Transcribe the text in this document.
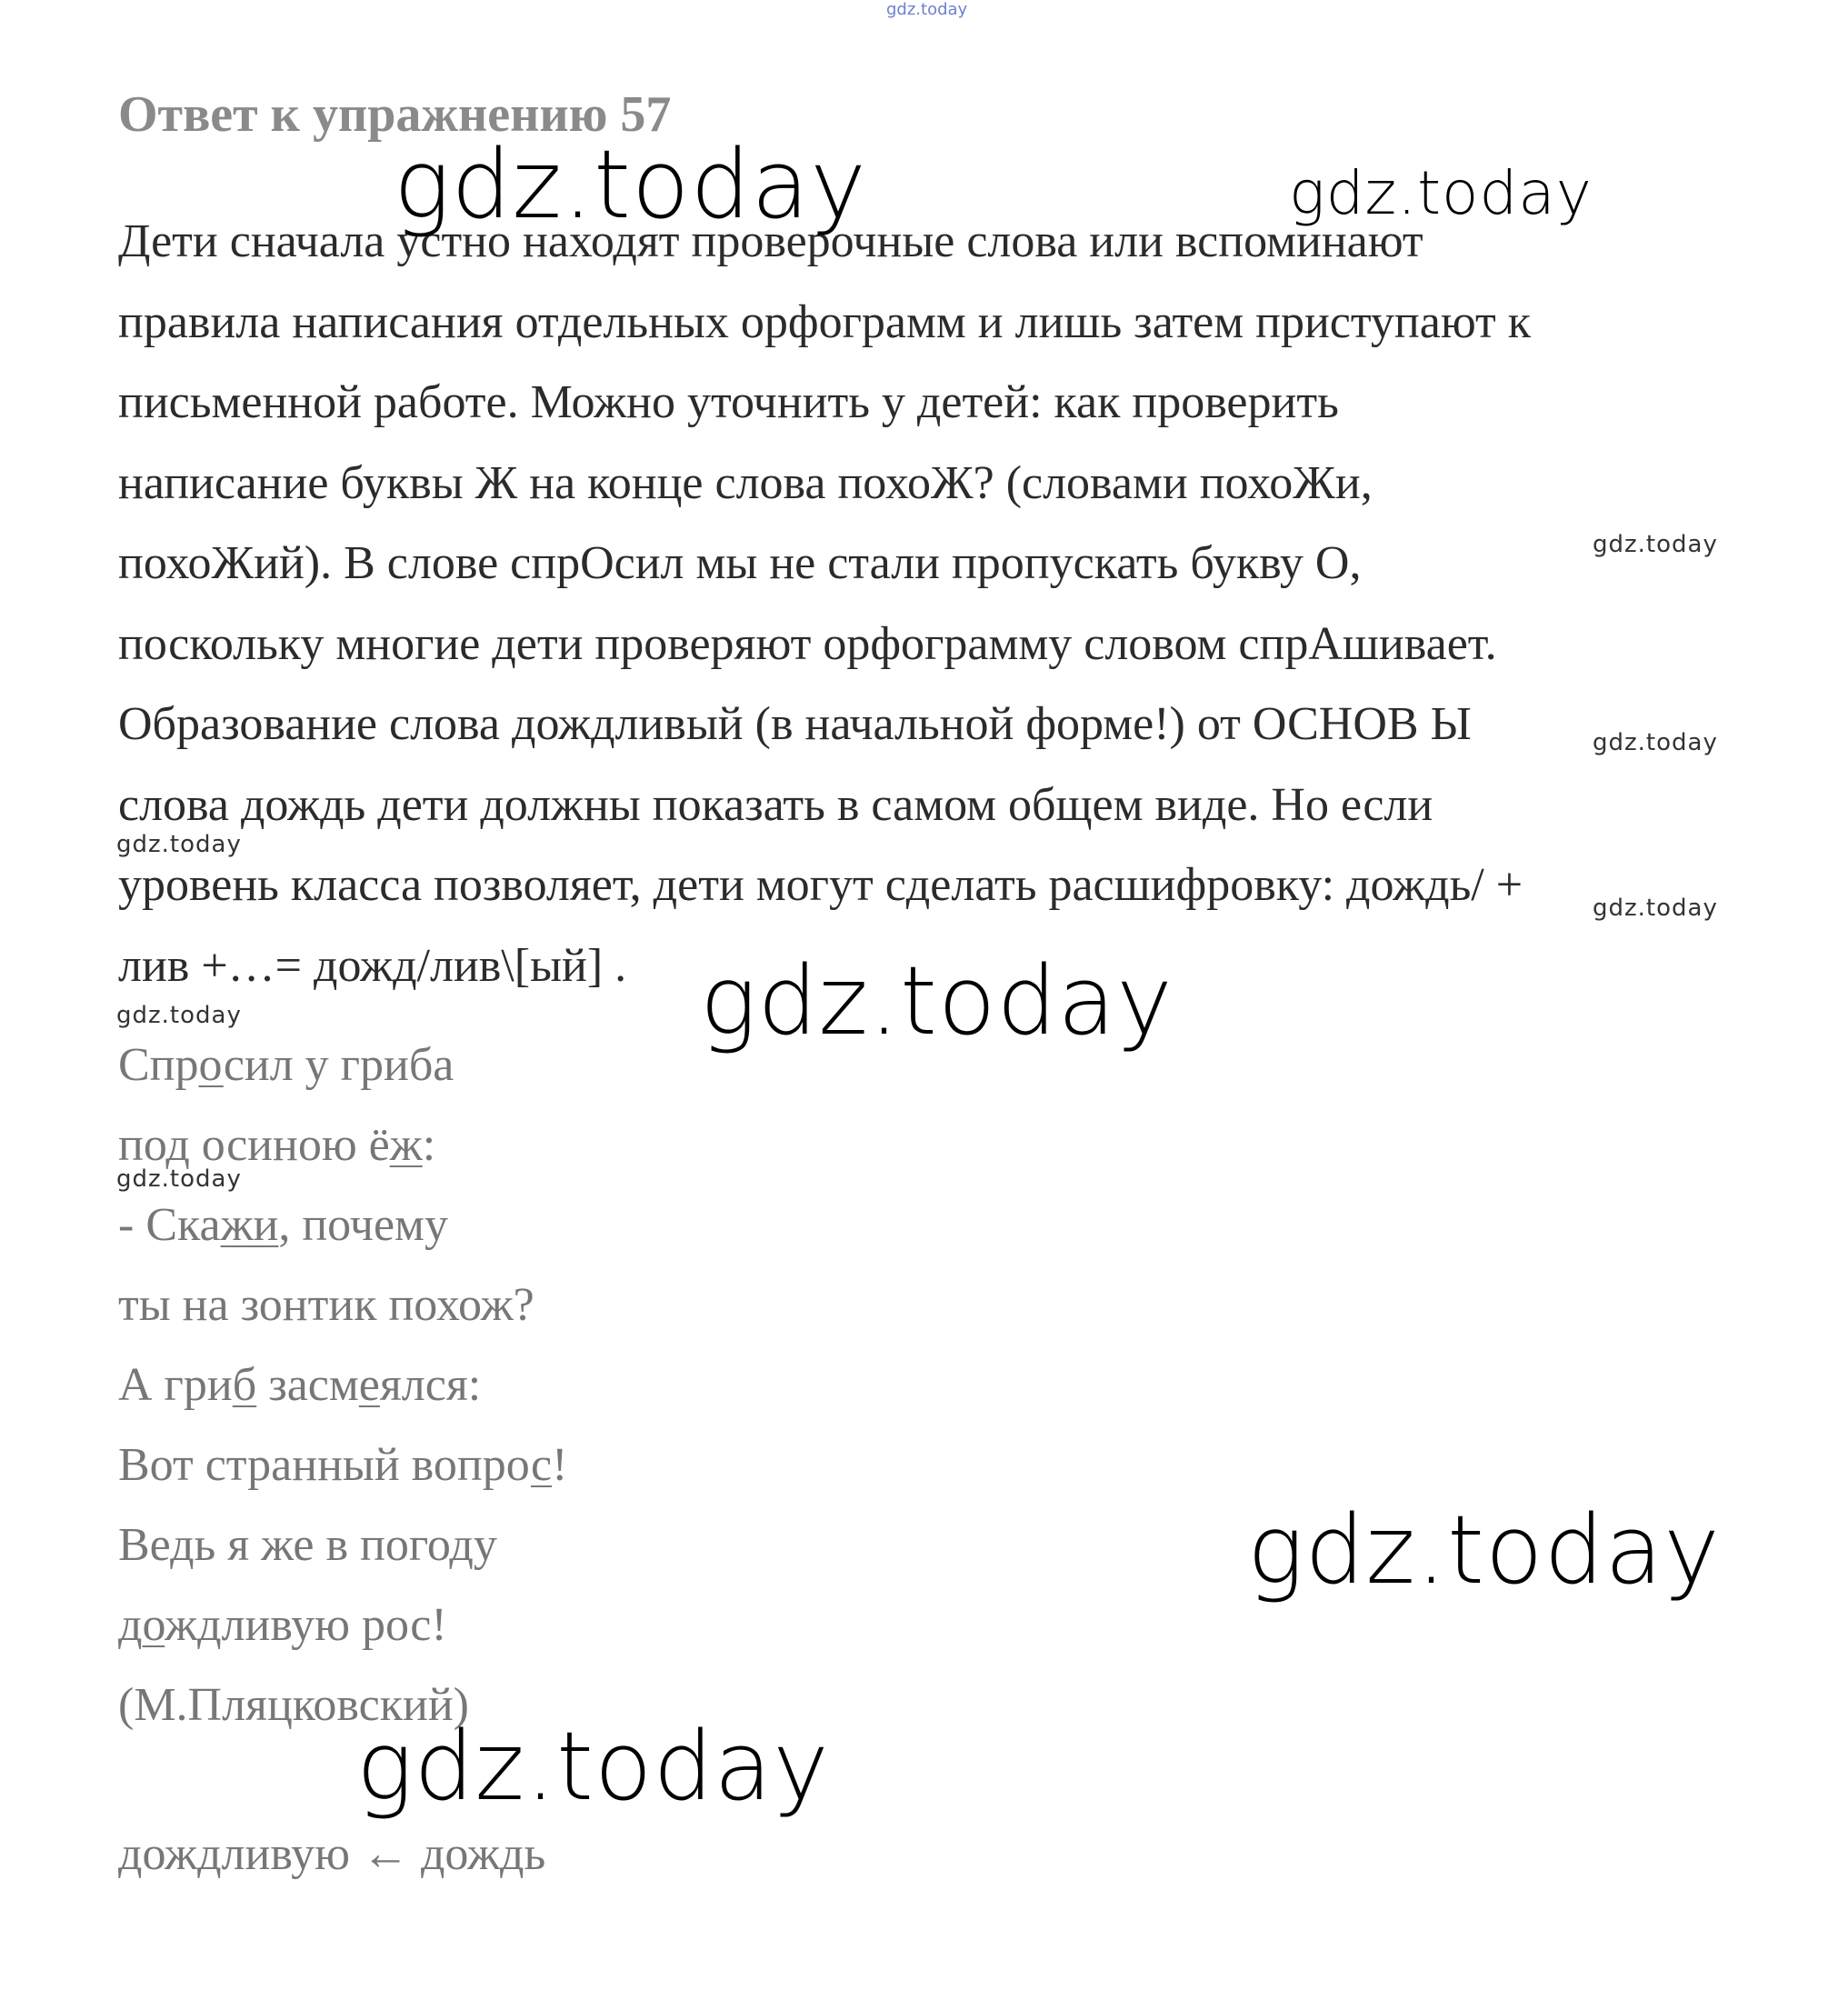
gdz.today
Ответ к упражнению 57
Дети сначала устно находят проверочные слова или вспоминают
правила написания отдельных орфограмм и лишь затем приступают к
письменной работе. Можно уточнить у детей: как проверить
написание буквы Ж на конце слова похоЖ? (словами похоЖи,
похоЖий). В слове спрОсил мы не стали пропускать букву О,
поскольку многие дети проверяют орфограмму словом спрАшивает.
Образование слова дождливый (в начальной форме!) от ОСНОВ Ы
слова дождь дети должны показать в самом общем виде. Но если
уровень класса позволяет, дети могут сделать расшифровку: дождь/ +
лив +…= дожд/лив\[ый] .
Спросил у гриба
под осиною ёж:
- Скажи, почему
ты на зонтик похож?
А гриб засмеялся:
Вот странный вопрос!
Ведь я же в погоду
дождливую рос!
(М.Пляцковский)
дождливую ← дождь
gdz.today	gdz.today
gdz.today
gdz.today
gdz.today
gdz.today
gdz.today
gdz.today
gdz.today
gdz.today
gdz.today
